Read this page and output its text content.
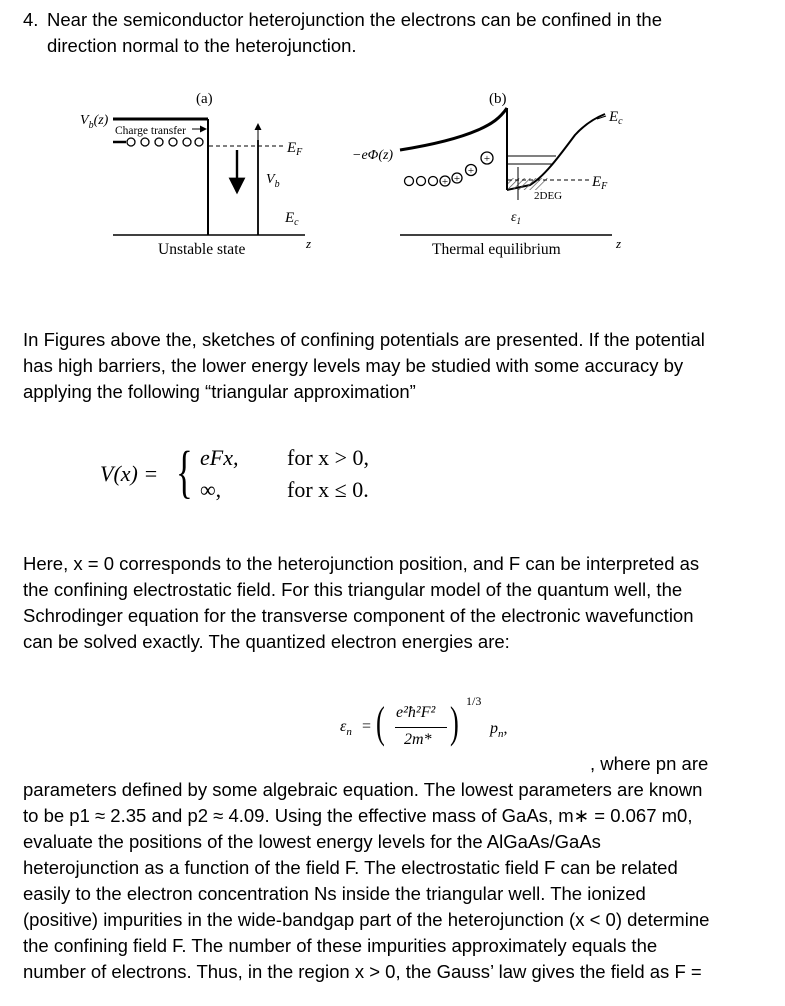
4. Near the semiconductor heterojunction the electrons can be confined in the
direction normal to the heterojunction.
(a)
$V_b(z)$
Charge transfer
$E_F$
$V_b$
$E_c$
z
Unstable state
(b)
−eΦ(z)
$\varepsilon_1$
2DEG
$E_F$
$E_c$
+ +
+
+
z
Thermal equilibrium
In Figures above the, sketches of confining potentials are presented. If the potential
has high barriers, the lower energy levels may be studied with some accuracy by
applying the following “triangular approximation”
V(x) = { eFx, for x > 0,
∞,	for x ≤ 0.
Here, x = 0 corresponds to the heterojunction position, and F can be interpreted as
the confining electrostatic field. For this triangular model of the quantum well, the
Schrodinger equation for the transverse component of the electronic wavefunction
can be solved exactly. The quantized electron energies are:
$\varepsilon_n$ = ( e²ħ²F²
2m* ) 1/3
$p_n$,
, where pn are
parameters defined by some algebraic equation. The lowest parameters are known
to be p1 ≈ 2.35 and p2 ≈ 4.09. Using the effective mass of GaAs, m∗ = 0.067 m0,
evaluate the positions of the lowest energy levels for the AlGaAs/GaAs
heterojunction as a function of the field F. The electrostatic field F can be related
easily to the electron concentration Ns inside the triangular well. The ionized
(positive) impurities in the wide-bandgap part of the heterojunction (x < 0) determine
the confining field F. The number of these impurities approximately equals the
number of electrons. Thus, in the region x > 0, the Gauss’ law gives the field as F =
